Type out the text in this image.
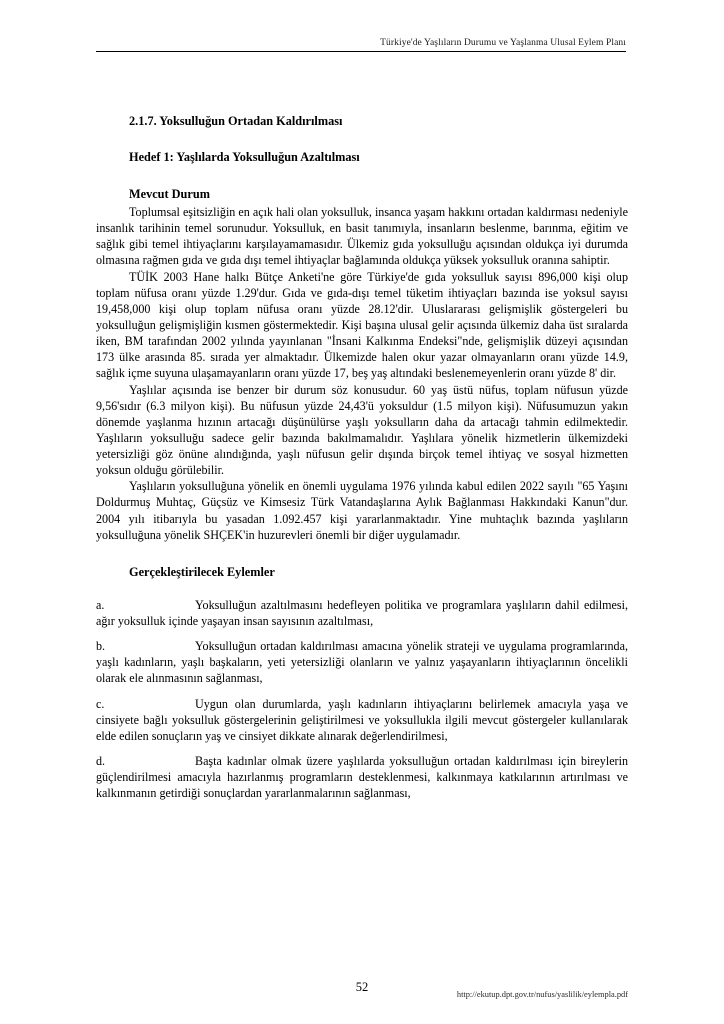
Türkiye'de Yaşlıların Durumu ve Yaşlanma Ulusal Eylem Planı
2.1.7. Yoksulluğun Ortadan Kaldırılması
Hedef 1: Yaşlılarda Yoksulluğun Azaltılması
Mevcut Durum

Toplumsal eşitsizliğin en açık hali olan yoksulluk, insanca yaşam hakkını ortadan kaldırması nedeniyle insanlık tarihinin temel sorunudur. Yoksulluk, en basit tanımıyla, insanların beslenme, barınma, eğitim ve sağlık gibi temel ihtiyaçlarını karşılayamamasıdır. Ülkemiz gıda yoksulluğu açısından oldukça iyi durumda olmasına rağmen gıda ve gıda dışı temel ihtiyaçlar bağlamında oldukça yüksek yoksulluk oranına sahiptir.

TÜİK 2003 Hane halkı Bütçe Anketi'ne göre Türkiye'de gıda yoksulluk sayısı 896,000 kişi olup toplam nüfusa oranı yüzde 1.29'dur. Gıda ve gıda-dışı temel tüketim ihtiyaçları bazında ise yoksul sayısı 19,458,000 kişi olup toplam nüfusa oranı yüzde 28.12'dir. Uluslararası gelişmişlik göstergeleri bu yoksulluğun gelişmişliğin kısmen göstermektedir. Kişi başına ulusal gelir açısında ülkemiz daha üst sıralarda iken, BM tarafından 2002 yılında yayınlanan "İnsani Kalkınma Endeksi"nde, gelişmişlik düzeyi açısından 173 ülke arasında 85. sırada yer almaktadır. Ülkemizde halen okur yazar olmayanların oranı yüzde 14.9, sağlık içme suyuna ulaşamayanların oranı yüzde 17, beş yaş altındaki beslenemeyenlerin oranı yüzde 8' dir.

Yaşlılar açısında ise benzer bir durum söz konusudur. 60 yaş üstü nüfus, toplam nüfusun yüzde 9,56'sıdır (6.3 milyon kişi). Bu nüfusun yüzde 24,43'ü yoksuldur (1.5 milyon kişi). Nüfusumuzun yakın dönemde yaşlanma hızının artacağı düşünülürse yaşlı yoksulların daha da artacağı tahmin edilmektedir. Yaşlıların yoksulluğu sadece gelir bazında bakılmamalıdır. Yaşlılara yönelik hizmetlerin ülkemizdeki yetersizliği göz önüne alındığında, yaşlı nüfusun gelir dışında birçok temel ihtiyaç ve sosyal hizmetten yoksun olduğu görülebilir.

Yaşlıların yoksulluğuna yönelik en önemli uygulama 1976 yılında kabul edilen 2022 sayılı "65 Yaşını Doldurmuş Muhtaç, Güçsüz ve Kimsesiz Türk Vatandaşlarına Aylık Bağlanması Hakkındaki Kanun"dur. 2004 yılı itibarıyla bu yasadan 1.092.457 kişi yararlanmaktadır. Yine muhtaçlık bazında yaşlıların yoksulluğuna yönelik SHÇEK'in huzurevleri önemli bir diğer uygulamadır.

Gerçekleştirilecek Eylemler

a.	Yoksulluğun azaltılmasını hedefleyen politika ve programlara yaşlıların dahil edilmesi, ağır yoksulluk içinde yaşayan insan sayısının azaltılması,

b.	Yoksulluğun ortadan kaldırılması amacına yönelik strateji ve uygulama programlarında, yaşlı kadınların, yaşlı başkaların, yeti yetersizliği olanların ve yalnız yaşayanların ihtiyaçlarının öncelikli olarak ele alınmasının sağlanması,

c.	Uygun olan durumlarda, yaşlı kadınların ihtiyaçlarını belirlemek amacıyla yaşa ve cinsiyete bağlı yoksulluk göstergelerinin geliştirilmesi ve yoksullukla ilgili mevcut göstergeler kullanılarak elde edilen sonuçların yaş ve cinsiyet dikkate alınarak değerlendirilmesi,

d.	Başta kadınlar olmak üzere yaşlılarda yoksulluğun ortadan kaldırılması için bireylerin güçlendirilmesi amacıyla hazırlanmış programların desteklenmesi, kalkınmaya katkılarının artırılması ve kalkınmanın getirdiği sonuçlardan yararlanmalarının sağlanması,

52
http://ekutup.dpt.gov.tr/nufus/yaslilik/eylempla.pdf
